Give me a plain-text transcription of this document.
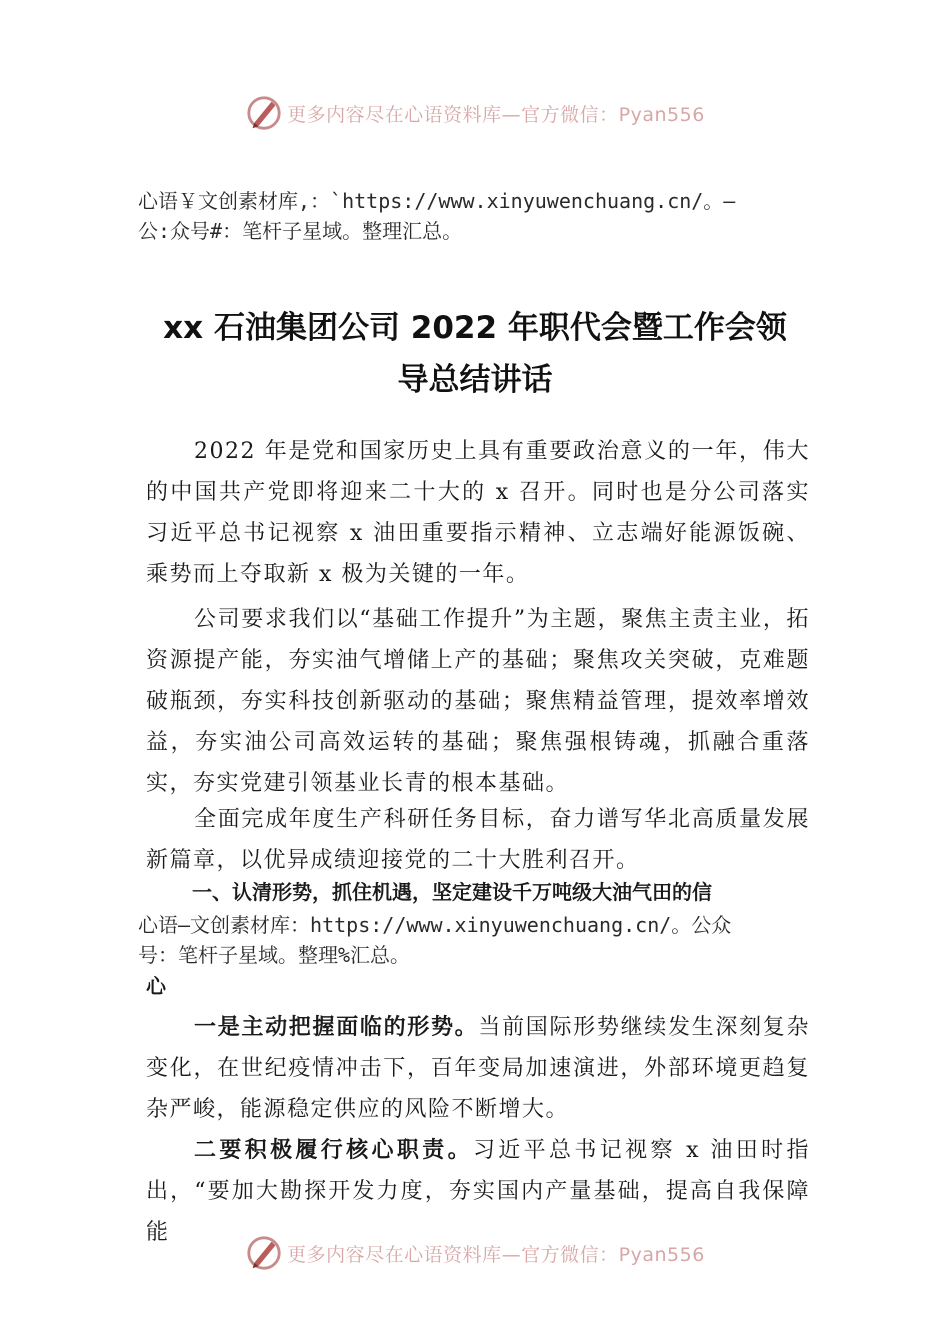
更多内容尽在心语资料库—官方微信：Pyan556
心语￥文创素材库,：`https://www.xinyuwenchuang.cn/。—
公:众号#：笔杆子星域。整理汇总。
xx 石油集团公司 2022 年职代会暨工作会领
导总结讲话
2022 年是党和国家历史上具有重要政治意义的一年，伟大的中国共产党即将迎来二十大的 x 召开。同时也是分公司落实习近平总书记视察 x 油田重要指示精神、立志端好能源饭碗、乘势而上夺取新 x 极为关键的一年。
公司要求我们以“基础工作提升”为主题，聚焦主责主业，拓资源提产能，夯实油气增储上产的基础；聚焦攻关突破，克难题破瓶颈，夯实科技创新驱动的基础；聚焦精益管理，提效率增效益，夯实油公司高效运转的基础；聚焦强根铸魂，抓融合重落实，夯实党建引领基业长青的根本基础。
全面完成年度生产科研任务目标，奋力谱写华北高质量发展新篇章，以优异成绩迎接党的二十大胜利召开。
一、认清形势，抓住机遇，坚定建设千万吨级大油气田的信
心语—文创素材库：https://www.xinyuwenchuang.cn/。公众
号：笔杆子星域。整理%汇总。
心
一是主动把握面临的形势。当前国际形势继续发生深刻复杂变化，在世纪疫情冲击下，百年变局加速演进，外部环境更趋复杂严峻，能源稳定供应的风险不断增大。
二要积极履行核心职责。习近平总书记视察 x 油田时指出，“要加大勘探开发力度，夯实国内产量基础，提高自我保障能
更多内容尽在心语资料库—官方微信：Pyan556
